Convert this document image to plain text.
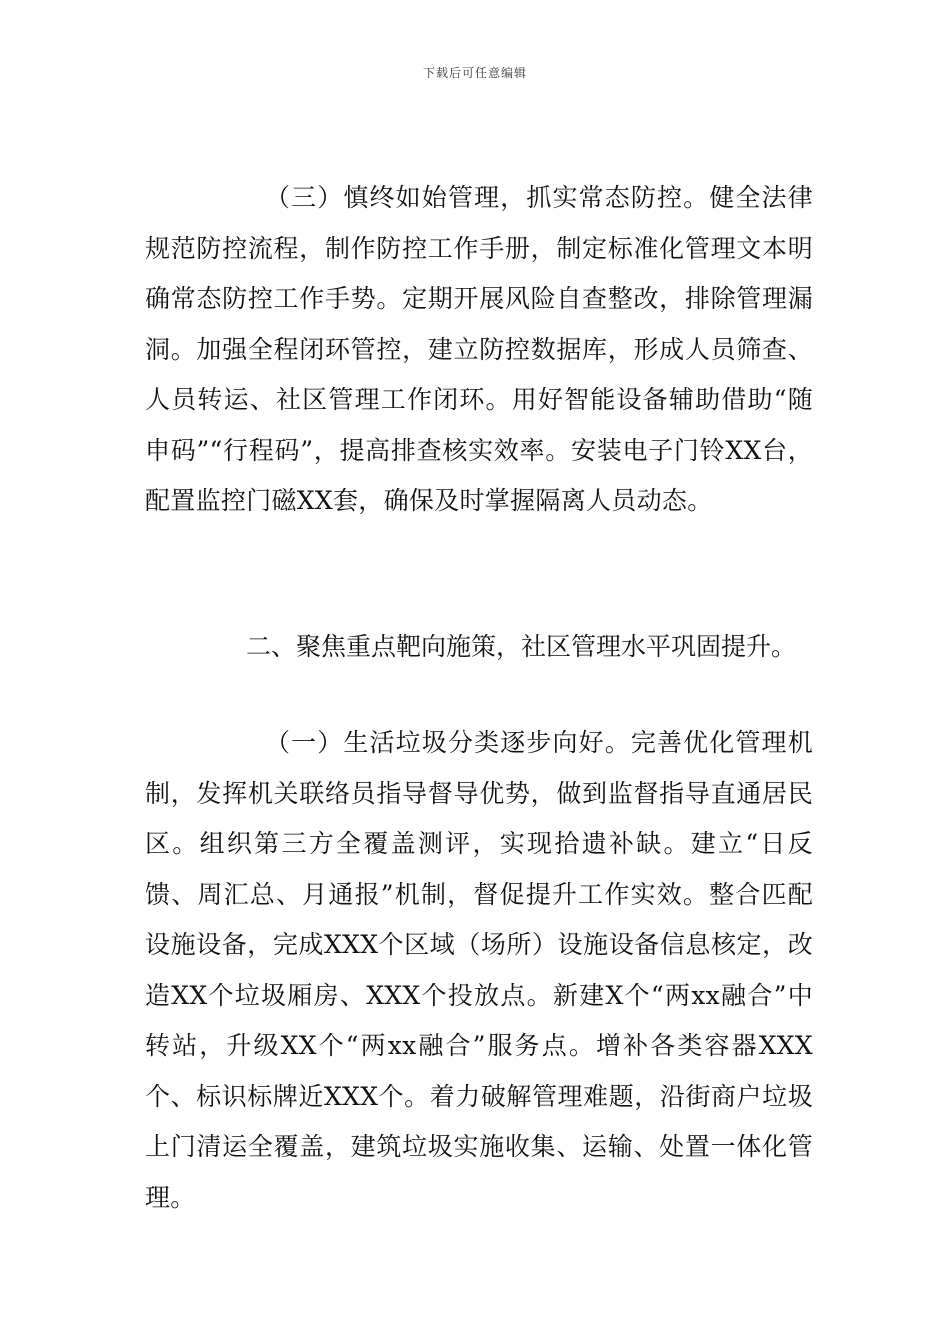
下载后可任意编辑

（三）慎终如始管理，抓实常态防控。健全法律规范防控流程，制作防控工作手册，制定标准化管理文本明确常态防控工作手势。定期开展风险自查整改，排除管理漏洞。加强全程闭环管控，建立防控数据库，形成人员筛查、人员转运、社区管理工作闭环。用好智能设备辅助借助“随申码”“行程码”，提高排查核实效率。安装电子门铃XX台，配置监控门磁XX套，确保及时掌握隔离人员动态。

二、聚焦重点靶向施策，社区管理水平巩固提升。

（一）生活垃圾分类逐步向好。完善优化管理机制，发挥机关联络员指导督导优势，做到监督指导直通居民区。组织第三方全覆盖测评，实现拾遗补缺。建立“日反馈、周汇总、月通报”机制，督促提升工作实效。整合匹配设施设备，完成XXX个区域（场所）设施设备信息核定，改造XX个垃圾厢房、XXX个投放点。新建X个“两xx融合”中转站，升级XX个“两xx融合”服务点。增补各类容器XXX个、标识标牌近XXX个。着力破解管理难题，沿街商户垃圾上门清运全覆盖，建筑垃圾实施收集、运输、处置一体化管理。
